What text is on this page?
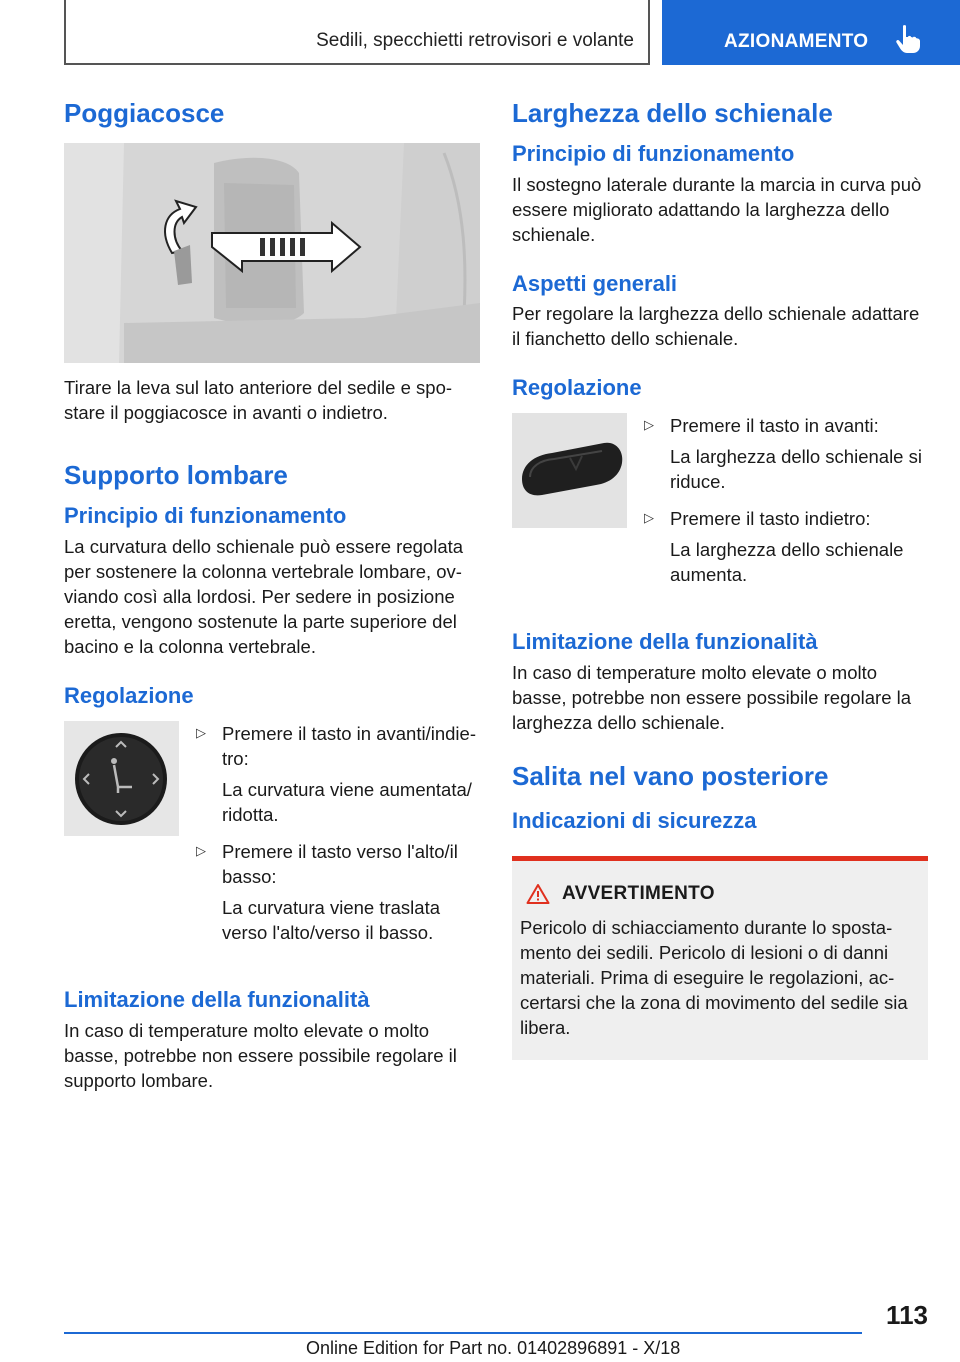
Sedili, specchietti retrovisori e volante	AZIONAMENTO
Poggiacosce

Tirare la leva sul lato anteriore del sedile e spo‐stare il poggiacosce in avanti o indietro.

Supporto lombare
Principio di funzionamento

La curvatura dello schienale può essere regolata per sostenere la colonna vertebrale lombare, ov‐viando così alla lordosi. Per sedere in posizione eretta, vengono sostenute la parte superiore del bacino e la colonna vertebrale.

Regolazione
▷ Premere il tasto in avanti/indie‐tro:

La curvatura viene aumentata/ ridotta.

▷ Premere il tasto verso l'alto/il basso:

La curvatura viene traslata verso l'alto/verso il basso.

Limitazione della funzionalità

In caso di temperature molto elevate o molto basse, potrebbe non essere possibile regolare il supporto lombare.

Larghezza dello schienale
Principio di funzionamento

Il sostegno laterale durante la marcia in curva può essere migliorato adattando la larghezza dello schienale.

Aspetti generali

Per regolare la larghezza dello schienale adattare il fianchetto dello schienale.

Regolazione
▷ Premere il tasto in avanti:

La larghezza dello schienale si riduce.

▷ Premere il tasto indietro:

La larghezza dello schienale aumenta.

Limitazione della funzionalità

In caso di temperature molto elevate o molto basse, potrebbe non essere possibile regolare la larghezza dello schienale.

Salita nel vano posteriore
Indicazioni di sicurezza
AVVERTIMENTO

Pericolo di schiacciamento durante lo sposta‐mento dei sedili. Pericolo di lesioni o di danni materiali. Prima di eseguire le regolazioni, ac‐certarsi che la zona di movimento del sedile sia libera.

113
Online Edition for Part no. 01402896891 - X/18
